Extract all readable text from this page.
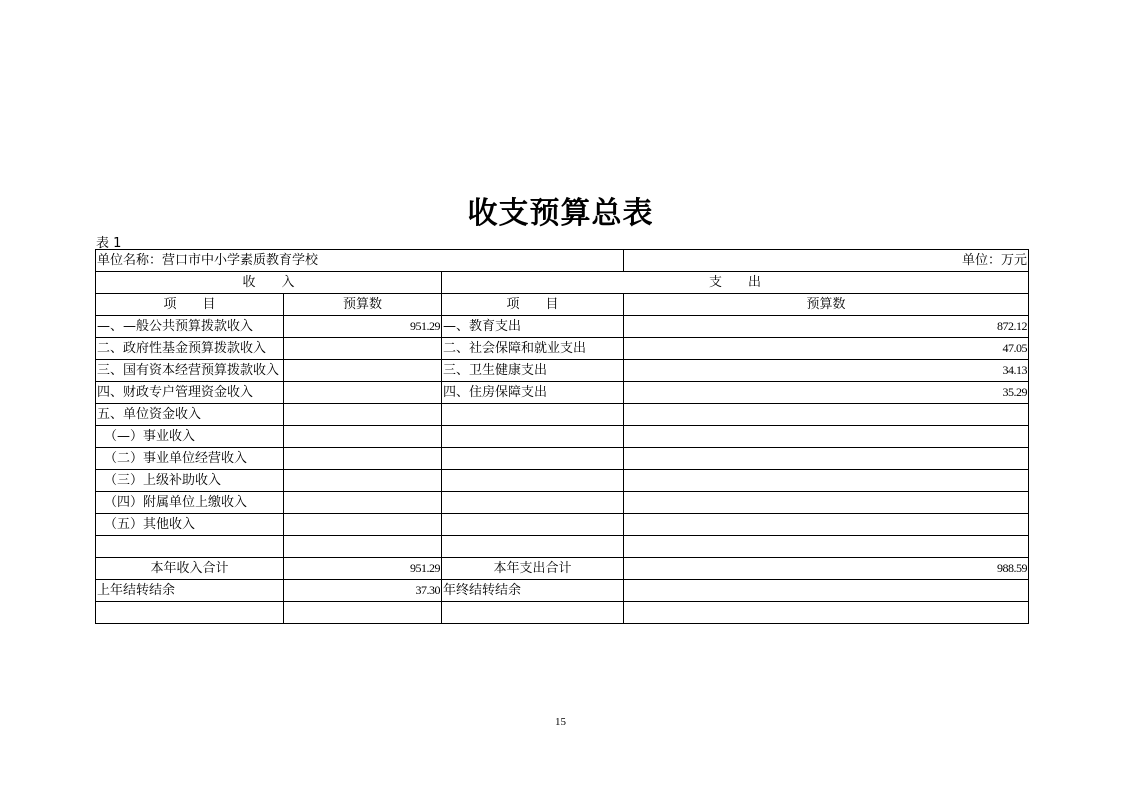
收支预算总表
表 1
单位名称：营口市中小学素质教育学校			单位：万元
收　　入		支　　出	
项　　目	预算数	项　　目	预算数
—、—般公共预算拨款收入	951.29	—、教育支出	872.12
二、政府性基金预算拨款收入		二、社会保障和就业支出	47.05
三、国有资本经营预算拨款收入		三、卫生健康支出	34.13
四、财政专户管理资金收入		四、住房保障支出	35.29
五、单位资金收入			
（—）事业收入			
（二）事业单位经营收入			
（三）上级补助收入			
（四）附属单位上缴收入			
（五）其他收入			

本年收入合计	951.29	本年支出合计	988.59
上年结转结余	37.30	年终结转结余	

15
